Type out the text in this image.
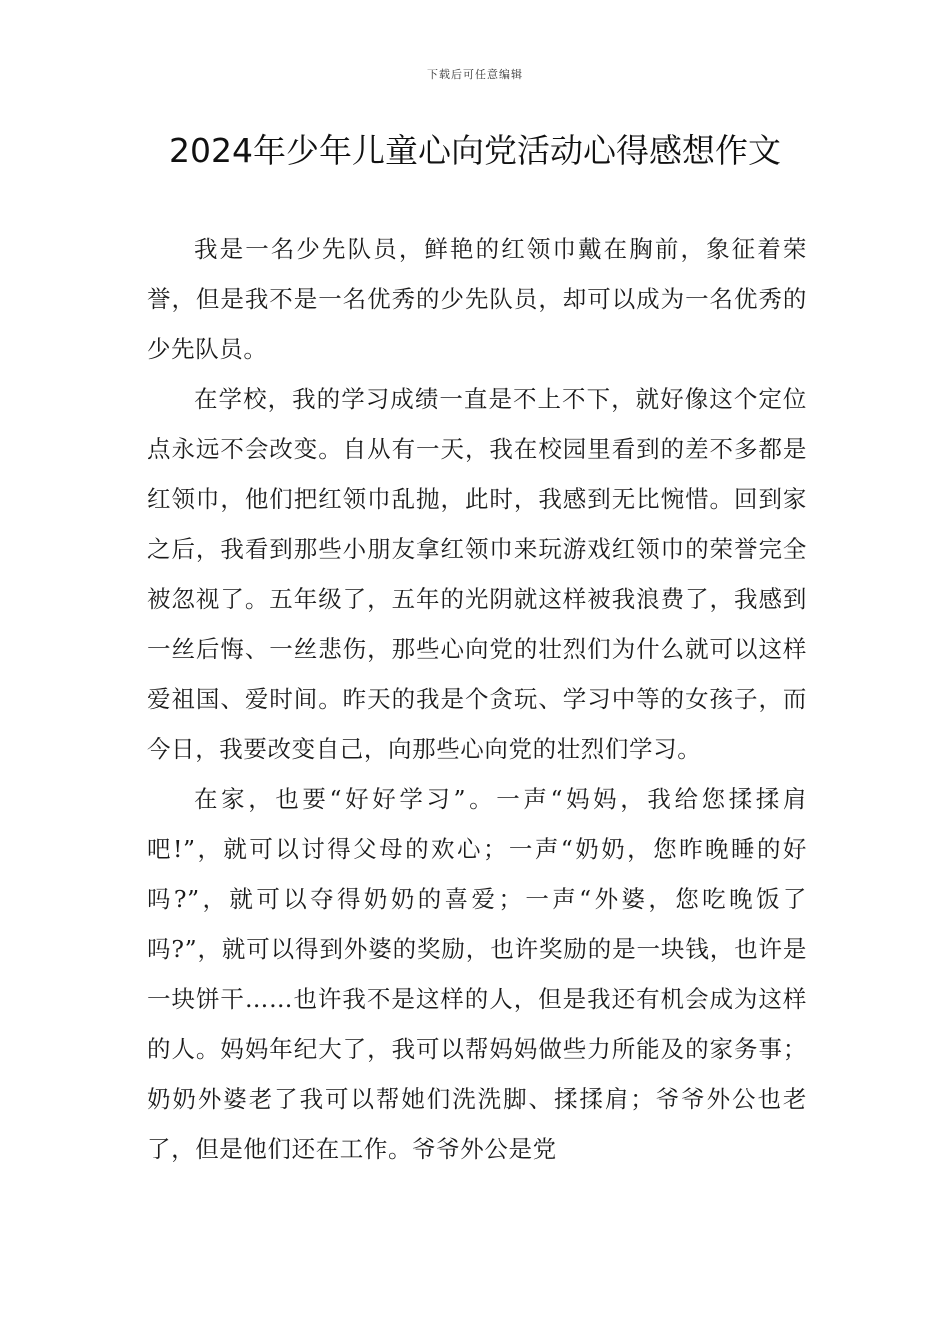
下载后可任意编辑
2024年少年儿童心向党活动心得感想作文

我是一名少先队员，鲜艳的红领巾戴在胸前，象征着荣誉，但是我不是一名优秀的少先队员，却可以成为一名优秀的少先队员。

在学校，我的学习成绩一直是不上不下，就好像这个定位点永远不会改变。自从有一天，我在校园里看到的差不多都是红领巾，他们把红领巾乱抛，此时，我感到无比惋惜。回到家之后，我看到那些小朋友拿红领巾来玩游戏红领巾的荣誉完全被忽视了。五年级了，五年的光阴就这样被我浪费了，我感到一丝后悔、一丝悲伤，那些心向党的壮烈们为什么就可以这样爱祖国、爱时间。昨天的我是个贪玩、学习中等的女孩子，而今日，我要改变自己，向那些心向党的壮烈们学习。

在家，也要“好好学习”。一声“妈妈，我给您揉揉肩吧!”，就可以讨得父母的欢心；一声“奶奶，您昨晚睡的好吗?”，就可以夺得奶奶的喜爱；一声“外婆，您吃晚饭了吗?”，就可以得到外婆的奖励，也许奖励的是一块钱，也许是一块饼干……也许我不是这样的人，但是我还有机会成为这样的人。妈妈年纪大了，我可以帮妈妈做些力所能及的家务事；奶奶外婆老了我可以帮她们洗洗脚、揉揉肩；爷爷外公也老了，但是他们还在工作。爷爷外公是党
